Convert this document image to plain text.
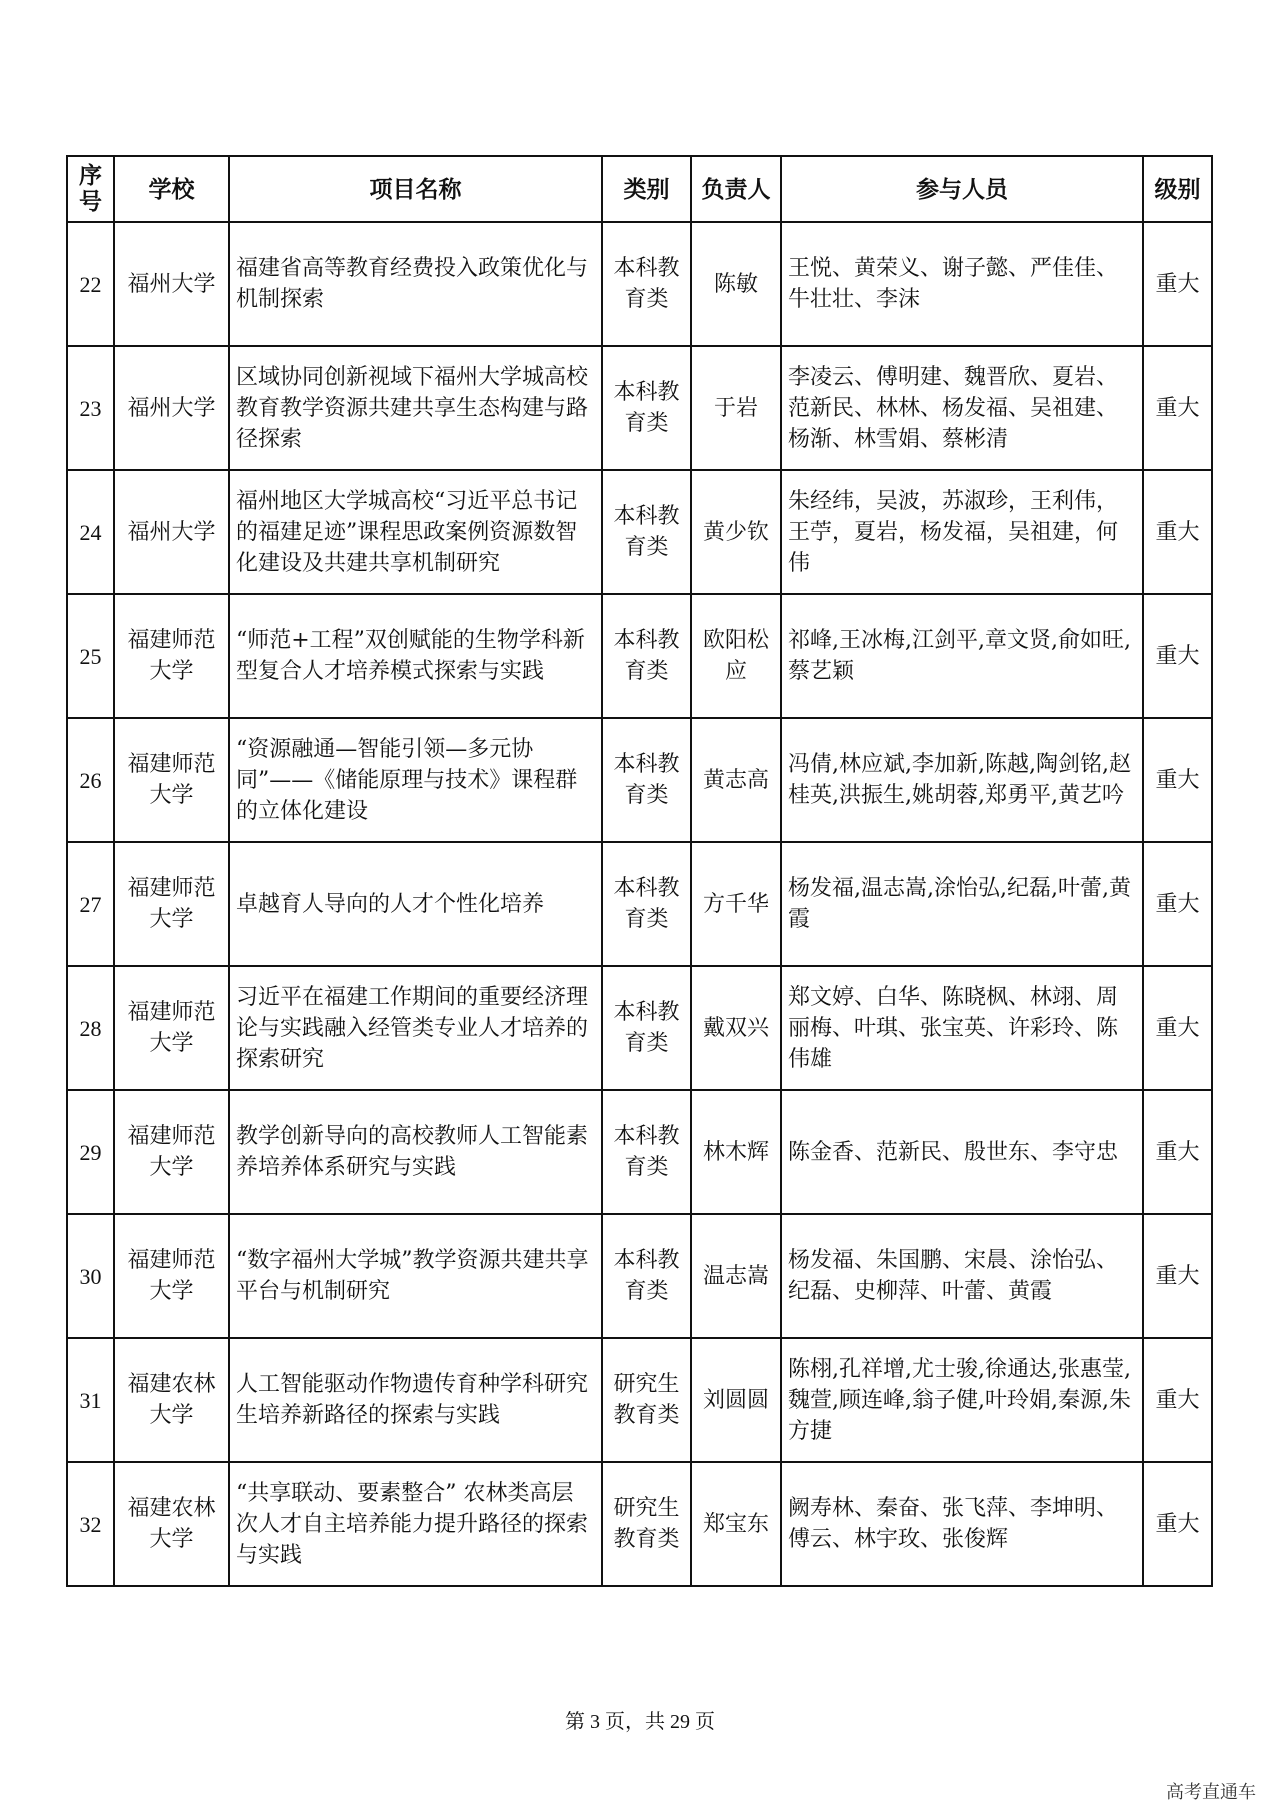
序号	学校	项目名称	类别	负责人	参与人员	级别
22	福州大学	福建省高等教育经费投入政策优化与机制探索	本科教育类	陈敏	王悦、黄荣义、谢子懿、严佳佳、牛壮壮、李沫	重大
23	福州大学	区域协同创新视域下福州大学城高校教育教学资源共建共享生态构建与路径探索	本科教育类	于岩	李凌云、傅明建、魏晋欣、夏岩、范新民、林林、杨发福、吴祖建、杨渐、林雪娟、蔡彬清	重大
24	福州大学	福州地区大学城高校“习近平总书记的福建足迹”课程思政案例资源数智化建设及共建共享机制研究	本科教育类	黄少钦	朱经纬，吴波，苏淑珍，王利伟，王苧，夏岩，杨发福，吴祖建，何伟	重大
25	福建师范大学	“师范+工程”双创赋能的生物学科新型复合人才培养模式探索与实践	本科教育类	欧阳松应	祁峰,王冰梅,江剑平,章文贤,俞如旺,蔡艺颖	重大
26	福建师范大学	“资源融通—智能引领—多元协同”——《储能原理与技术》课程群的立体化建设	本科教育类	黄志高	冯倩,林应斌,李加新,陈越,陶剑铭,赵桂英,洪振生,姚胡蓉,郑勇平,黄艺吟	重大
27	福建师范大学	卓越育人导向的人才个性化培养	本科教育类	方千华	杨发福,温志嵩,涂怡弘,纪磊,叶蕾,黄霞	重大
28	福建师范大学	习近平在福建工作期间的重要经济理论与实践融入经管类专业人才培养的探索研究	本科教育类	戴双兴	郑文婷、白华、陈晓枫、林翊、周丽梅、叶琪、张宝英、许彩玲、陈伟雄	重大
29	福建师范大学	教学创新导向的高校教师人工智能素养培养体系研究与实践	本科教育类	林木辉	陈金香、范新民、殷世东、李守忠	重大
30	福建师范大学	“数字福州大学城”教学资源共建共享平台与机制研究	本科教育类	温志嵩	杨发福、朱国鹏、宋晨、涂怡弘、纪磊、史柳萍、叶蕾、黄霞	重大
31	福建农林大学	人工智能驱动作物遗传育种学科研究生培养新路径的探索与实践	研究生教育类	刘圆圆	陈栩,孔祥增,尤士骏,徐通达,张惠莹,魏萱,顾连峰,翁子健,叶玲娟,秦源,朱方捷	重大
32	福建农林大学	“共享联动、要素整合” 农林类高层次人才自主培养能力提升路径的探索与实践	研究生教育类	郑宝东	阙寿林、秦奋、张飞萍、李坤明、傅云、林宇玫、张俊辉	重大
第 3 页，共 29 页
高考直通车
